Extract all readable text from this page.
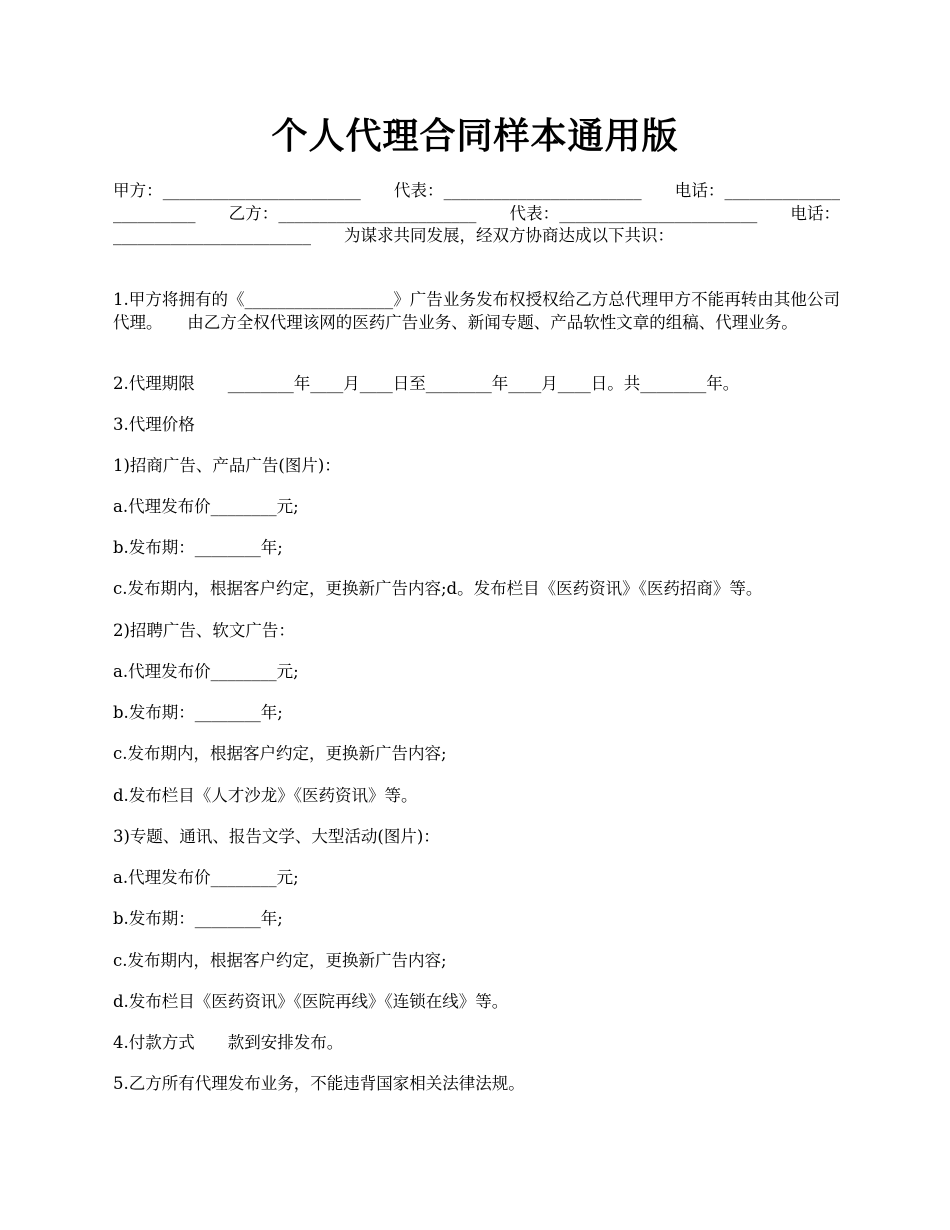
个人代理合同样本通用版
甲方：________________________　　代表：________________________　　电话：________________________　　乙方：________________________　　代表：________________________　　电话：________________________　　为谋求共同发展，经双方协商达成以下共识：
1.甲方将拥有的《__________________》广告业务发布权授权给乙方总代理甲方不能再转由其他公司代理。　　由乙方全权代理该网的医药广告业务、新闻专题、产品软性文章的组稿、代理业务。
2.代理期限　　________年____月____日至________年____月____日。共________年。
3.代理价格
1)招商广告、产品广告(图片)：
a.代理发布价________元;
b.发布期：________年;
c.发布期内，根据客户约定，更换新广告内容;d。发布栏目《医药资讯》《医药招商》等。
2)招聘广告、软文广告：
a.代理发布价________元;
b.发布期：________年;
c.发布期内，根据客户约定，更换新广告内容;
d.发布栏目《人才沙龙》《医药资讯》等。
3)专题、通讯、报告文学、大型活动(图片)：
a.代理发布价________元;
b.发布期：________年;
c.发布期内，根据客户约定，更换新广告内容;
d.发布栏目《医药资讯》《医院再线》《连锁在线》等。
4.付款方式　　款到安排发布。
5.乙方所有代理发布业务，不能违背国家相关法律法规。
